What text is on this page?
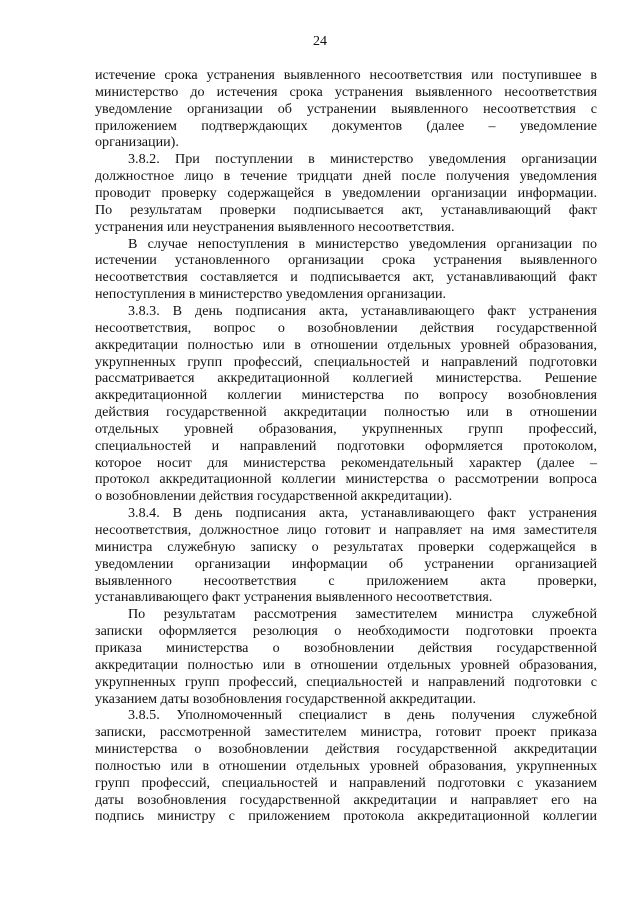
24
истечение срока устранения выявленного несоответствия или поступившее в
министерство до истечения срока устранения выявленного несоответствия
уведомление организации об устранении выявленного несоответствия с
приложением подтверждающих документов (далее – уведомление
организации).
3.8.2. При поступлении в министерство уведомления организации
должностное лицо в течение тридцати дней после получения уведомления
проводит проверку содержащейся в уведомлении организации информации.
По результатам проверки подписывается акт, устанавливающий факт
устранения или неустранения выявленного несоответствия.
В случае непоступления в министерство уведомления организации по
истечении установленного организации срока устранения выявленного
несоответствия составляется и подписывается акт, устанавливающий факт
непоступления в министерство уведомления организации.
3.8.3. В день подписания акта, устанавливающего факт устранения
несоответствия, вопрос о возобновлении действия государственной
аккредитации полностью или в отношении отдельных уровней образования,
укрупненных групп профессий, специальностей и направлений подготовки
рассматривается аккредитационной коллегией министерства. Решение
аккредитационной коллегии министерства по вопросу возобновления
действия государственной аккредитации полностью или в отношении
отдельных уровней образования, укрупненных групп профессий,
специальностей и направлений подготовки оформляется протоколом,
которое носит для министерства рекомендательный характер (далее –
протокол аккредитационной коллегии министерства о рассмотрении вопроса
о возобновлении действия государственной аккредитации).
3.8.4. В день подписания акта, устанавливающего факт устранения
несоответствия, должностное лицо готовит и направляет на имя заместителя
министра служебную записку о результатах проверки содержащейся в
уведомлении организации информации об устранении организацией
выявленного несоответствия с приложением акта проверки,
устанавливающего факт устранения выявленного несоответствия.
По результатам рассмотрения заместителем министра служебной
записки оформляется резолюция о необходимости подготовки проекта
приказа министерства о возобновлении действия государственной
аккредитации полностью или в отношении отдельных уровней образования,
укрупненных групп профессий, специальностей и направлений подготовки с
указанием даты возобновления государственной аккредитации.
3.8.5. Уполномоченный специалист в день получения служебной
записки, рассмотренной заместителем министра, готовит проект приказа
министерства о возобновлении действия государственной аккредитации
полностью или в отношении отдельных уровней образования, укрупненных
групп профессий, специальностей и направлений подготовки с указанием
даты возобновления государственной аккредитации и направляет его на
подпись министру с приложением протокола аккредитационной коллегии
